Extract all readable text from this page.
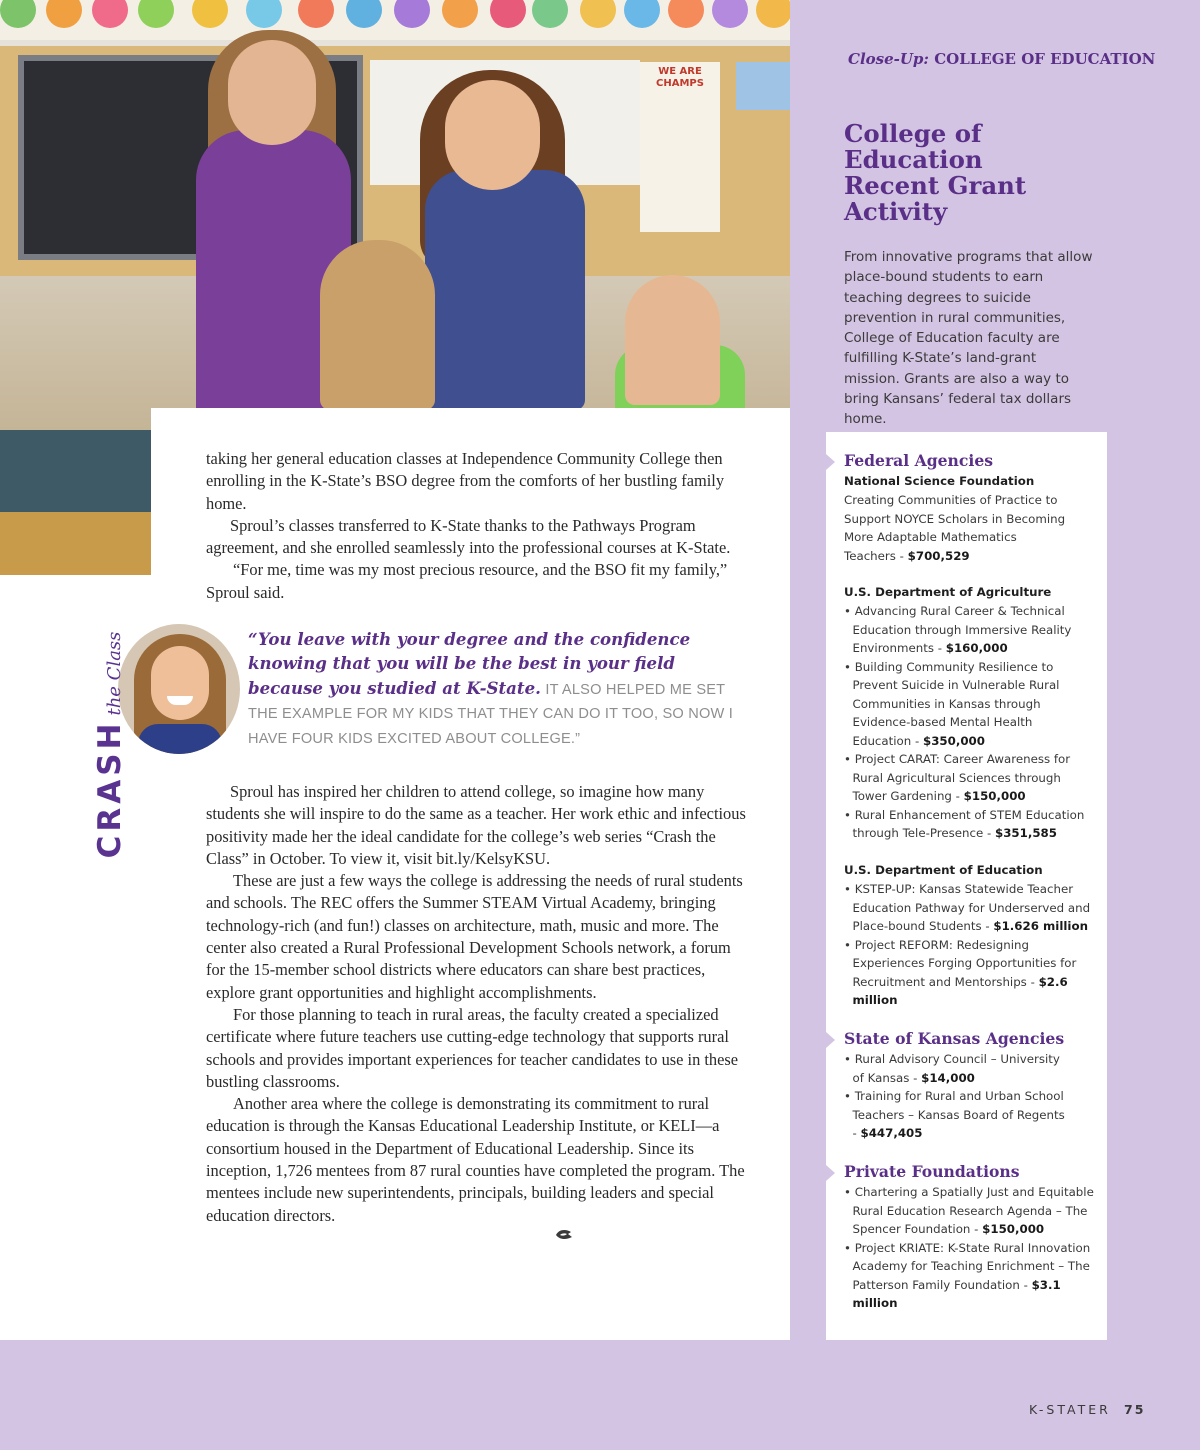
WE ARE CHAMPS

taking her general education classes at Independence Community College then enrolling in the K-State’s BSO degree from the comforts of her bustling family home.

Sproul’s classes transferred to K-State thanks to the Pathways Program agreement, and she enrolled seamlessly into the professional courses at K-State.

“For me, time was my most precious resource, and the BSO fit my family,” Sproul said.

CRASHthe Class	“You leave with your degree and the confidence knowing that you will be the best in your field because you studied at K-State. IT ALSO HELPED ME SET THE EXAMPLE FOR MY KIDS THAT THEY CAN DO IT TOO, SO NOW I HAVE FOUR KIDS EXCITED ABOUT COLLEGE.”

Sproul has inspired her children to attend college, so imagine how many students she will inspire to do the same as a teacher. Her work ethic and infectious positivity made her the ideal candidate for the college’s web series “Crash the Class” in October. To view it, visit bit.ly/KelsyKSU.

These are just a few ways the college is addressing the needs of rural students and schools. The REC offers the Summer STEAM Virtual Academy, bringing technology-rich (and fun!) classes on architecture, math, music and more. The center also created a Rural Professional Development Schools network, a forum for the 15-member school districts where educators can share best practices, explore grant opportunities and highlight accomplishments.

For those planning to teach in rural areas, the faculty created a specialized certificate where future teachers use cutting-edge technology that supports rural schools and provides important experiences for teacher candidates to use in these bustling classrooms.

Another area where the college is demonstrating its commitment to rural education is through the Kansas Educational Leadership Institute, or KELI—a consortium housed in the Department of Educational Leadership. Since its inception, 1,726 mentees from 87 rural counties have completed the program. The mentees include new superintendents, principals, building leaders and special education directors.

Close-Up: COLLEGE OF EDUCATION
College of Education Recent Grant Activity

From innovative programs that allow place-bound students to earn teaching degrees to suicide prevention in rural communities, College of Education faculty are fulfilling K-State’s land-grant mission. Grants are also a way to bring Kansans’ federal tax dollars home.

Federal Agencies
National Science Foundation
Creating Communities of Practice to Support NOYCE Scholars in Becoming More Adaptable Mathematics Teachers - $700,529
U.S. Department of Agriculture
• Advancing Rural Career & Technical Education through Immersive Reality Environments - $160,000
• Building Community Resilience to Prevent Suicide in Vulnerable Rural Communities in Kansas through Evidence-based Mental Health Education - $350,000
• Project CARAT: Career Awareness for Rural Agricultural Sciences through Tower Gardening - $150,000
• Rural Enhancement of STEM Education through Tele-Presence - $351,585
U.S. Department of Education
• KSTEP-UP: Kansas Statewide Teacher Education Pathway for Underserved and Place-bound Students - $1.626 million
• Project REFORM: Redesigning Experiences Forging Opportunities for Recruitment and Mentorships - $2.6 million
State of Kansas Agencies
• Rural Advisory Council – University of Kansas - $14,000
• Training for Rural and Urban School Teachers – Kansas Board of Regents - $447,405
Private Foundations
• Chartering a Spatially Just and Equitable Rural Education Research Agenda – The Spencer Foundation - $150,000
• Project KRIATE: K-State Rural Innovation Academy for Teaching Enrichment – The Patterson Family Foundation - $3.1 million
K-STATER 75
